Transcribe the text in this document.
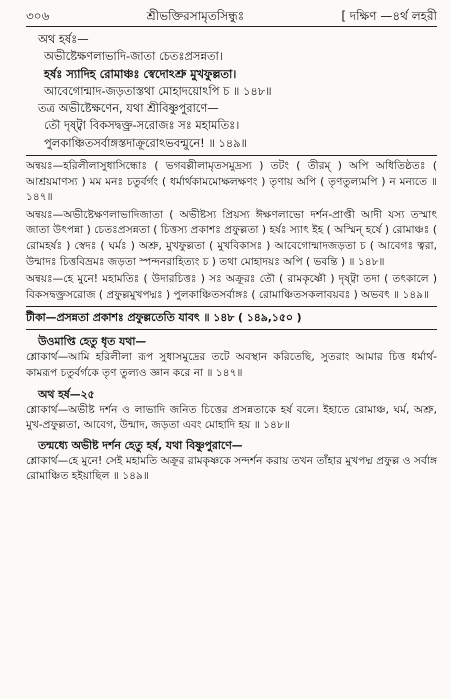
৩০৬	শ্রীভক্তিরসামৃতসিন্ধুঃ	[ দক্ষিণ —৪র্থ লহরী
অথ হর্ষঃ—
অভীষ্টেক্ষণলাভাদি-জাতা চেতঃপ্রসন্নতা।
হর্ষঃ স্যাদিহ রোমাঞ্চঃ স্বেদোঽশ্রু মুখফুল্লতা।
আবেগোন্মাদ-জড়তাস্তথা মোহাদয়োঽপি চ ॥ ১৪৮॥
তত্র অভীষ্টেক্ষণেন, যথা শ্রীবিষ্ণুপুরাণে—
তৌ দৃষ্ট্বা বিকসদ্বক্ত্র-সরোজঃ সঃ মহামতিঃ।
পুলকাঞ্চিতসর্বাঙ্গস্তদাক্রূরোঽভবন্মুনে! ॥ ১৪৯॥

অন্বয়ঃ—হরিলীলাসুধাসিন্ধোঃ ( ভগবল্লীলামৃতসমুদ্রস্য ) তটং ( তীরম্ ) অপি অধিতিষ্ঠতঃ ( আশ্রয়মাণস্য ) মম মনঃ চতুর্বর্গং ( ধর্মার্থকামমোক্ষলক্ষণং ) তৃণায় অপি ( তৃণতুল্যমপি ) ন মন্যতে ॥ ১৪৭॥

অন্বয়ঃ—অভীষ্টেক্ষণলাভাদিজাতা ( অভীষ্টস্য প্রিয়স্য ঈক্ষণলাভো দর্শন-প্রাপ্তী আদী যস্য তস্মাৎ জাতা উৎপন্না ) চেতঃপ্রসন্নতা ( চিত্তস্য প্রকাশঃ প্রফুল্লতা ) হর্ষঃ স্যাৎ ইহ ( অস্মিন্ হর্ষে ) রোমাঞ্চঃ ( রোমহর্ষঃ ) স্বেদঃ ( ঘর্মঃ ) অশ্রু, মুখফুল্লতা ( মুখবিকাসঃ ) আবেগোন্মাদজড়তা চ ( আবেগঃ ত্বরা, উন্মাদঃ চিত্তবিভ্রমঃ জড়তা স্পন্দনরাহিত্যং চ ) তথা মোহাদয়ঃ অপি ( ভবন্তি ) ॥ ১৪৮॥

অন্বয়ঃ—হে মুনে! মহামতিঃ ( উদারচিত্তঃ ) সঃ অক্রূরঃ তৌ ( রামকৃষ্ণৌ ) দৃষ্ট্বা তদা ( তৎকালে ) বিকসদ্বক্ত্রসরোজ ( প্রফুল্লমুখপদ্মঃ ) পুলকাঞ্চিতসর্বাঙ্গঃ ( রোমাঞ্চিতসকলাবয়বঃ ) অভবৎ ॥ ১৪৯॥

টীকা—প্রসন্নতা প্রকাশঃ প্রফুল্লতেতি যাবৎ ॥ ১৪৮ ( ১৪৯,১৫০ )
উওমাপ্তি হেতু ধৃত যথা—
শ্লোকার্থ—আমি হরিলীলা রূপ সুধাসমুদ্রের তটে অবস্থান করিতেছি, সুতরাং আমার চিত্ত ধর্মার্থ-কামরূপ চতুর্বর্গকে তৃণ তুল্যও জ্ঞান করে না ॥ ১৪৭॥
অথ হর্ষ—২৫
শ্লোকার্থ—অভীষ্ট দর্শন ও লাভাদি জনিত চিত্তের প্রসন্নতাকে হর্ষ বলে। ইহাতে রোমাঞ্চ, ঘর্ম, অশ্রু, মুখ-প্রফুল্লতা, আবেগ, উন্মাদ, জড়তা এবং মোহাদি হয় ॥ ১৪৮॥
তন্মধ্যে অভীষ্ট দর্শন হেতু হর্ষ, যথা বিষ্ণুপুরাণে—
শ্লোকার্থ—হে মুনে! সেই মহামতি অক্রূর রামকৃষ্ণকে সন্দর্শন করায় তখন তাঁহার মুখপদ্ম প্রফুল্ল ও সর্বাঙ্গ রোমাঞ্চিত হইয়াছিল ॥ ১৪৯॥
